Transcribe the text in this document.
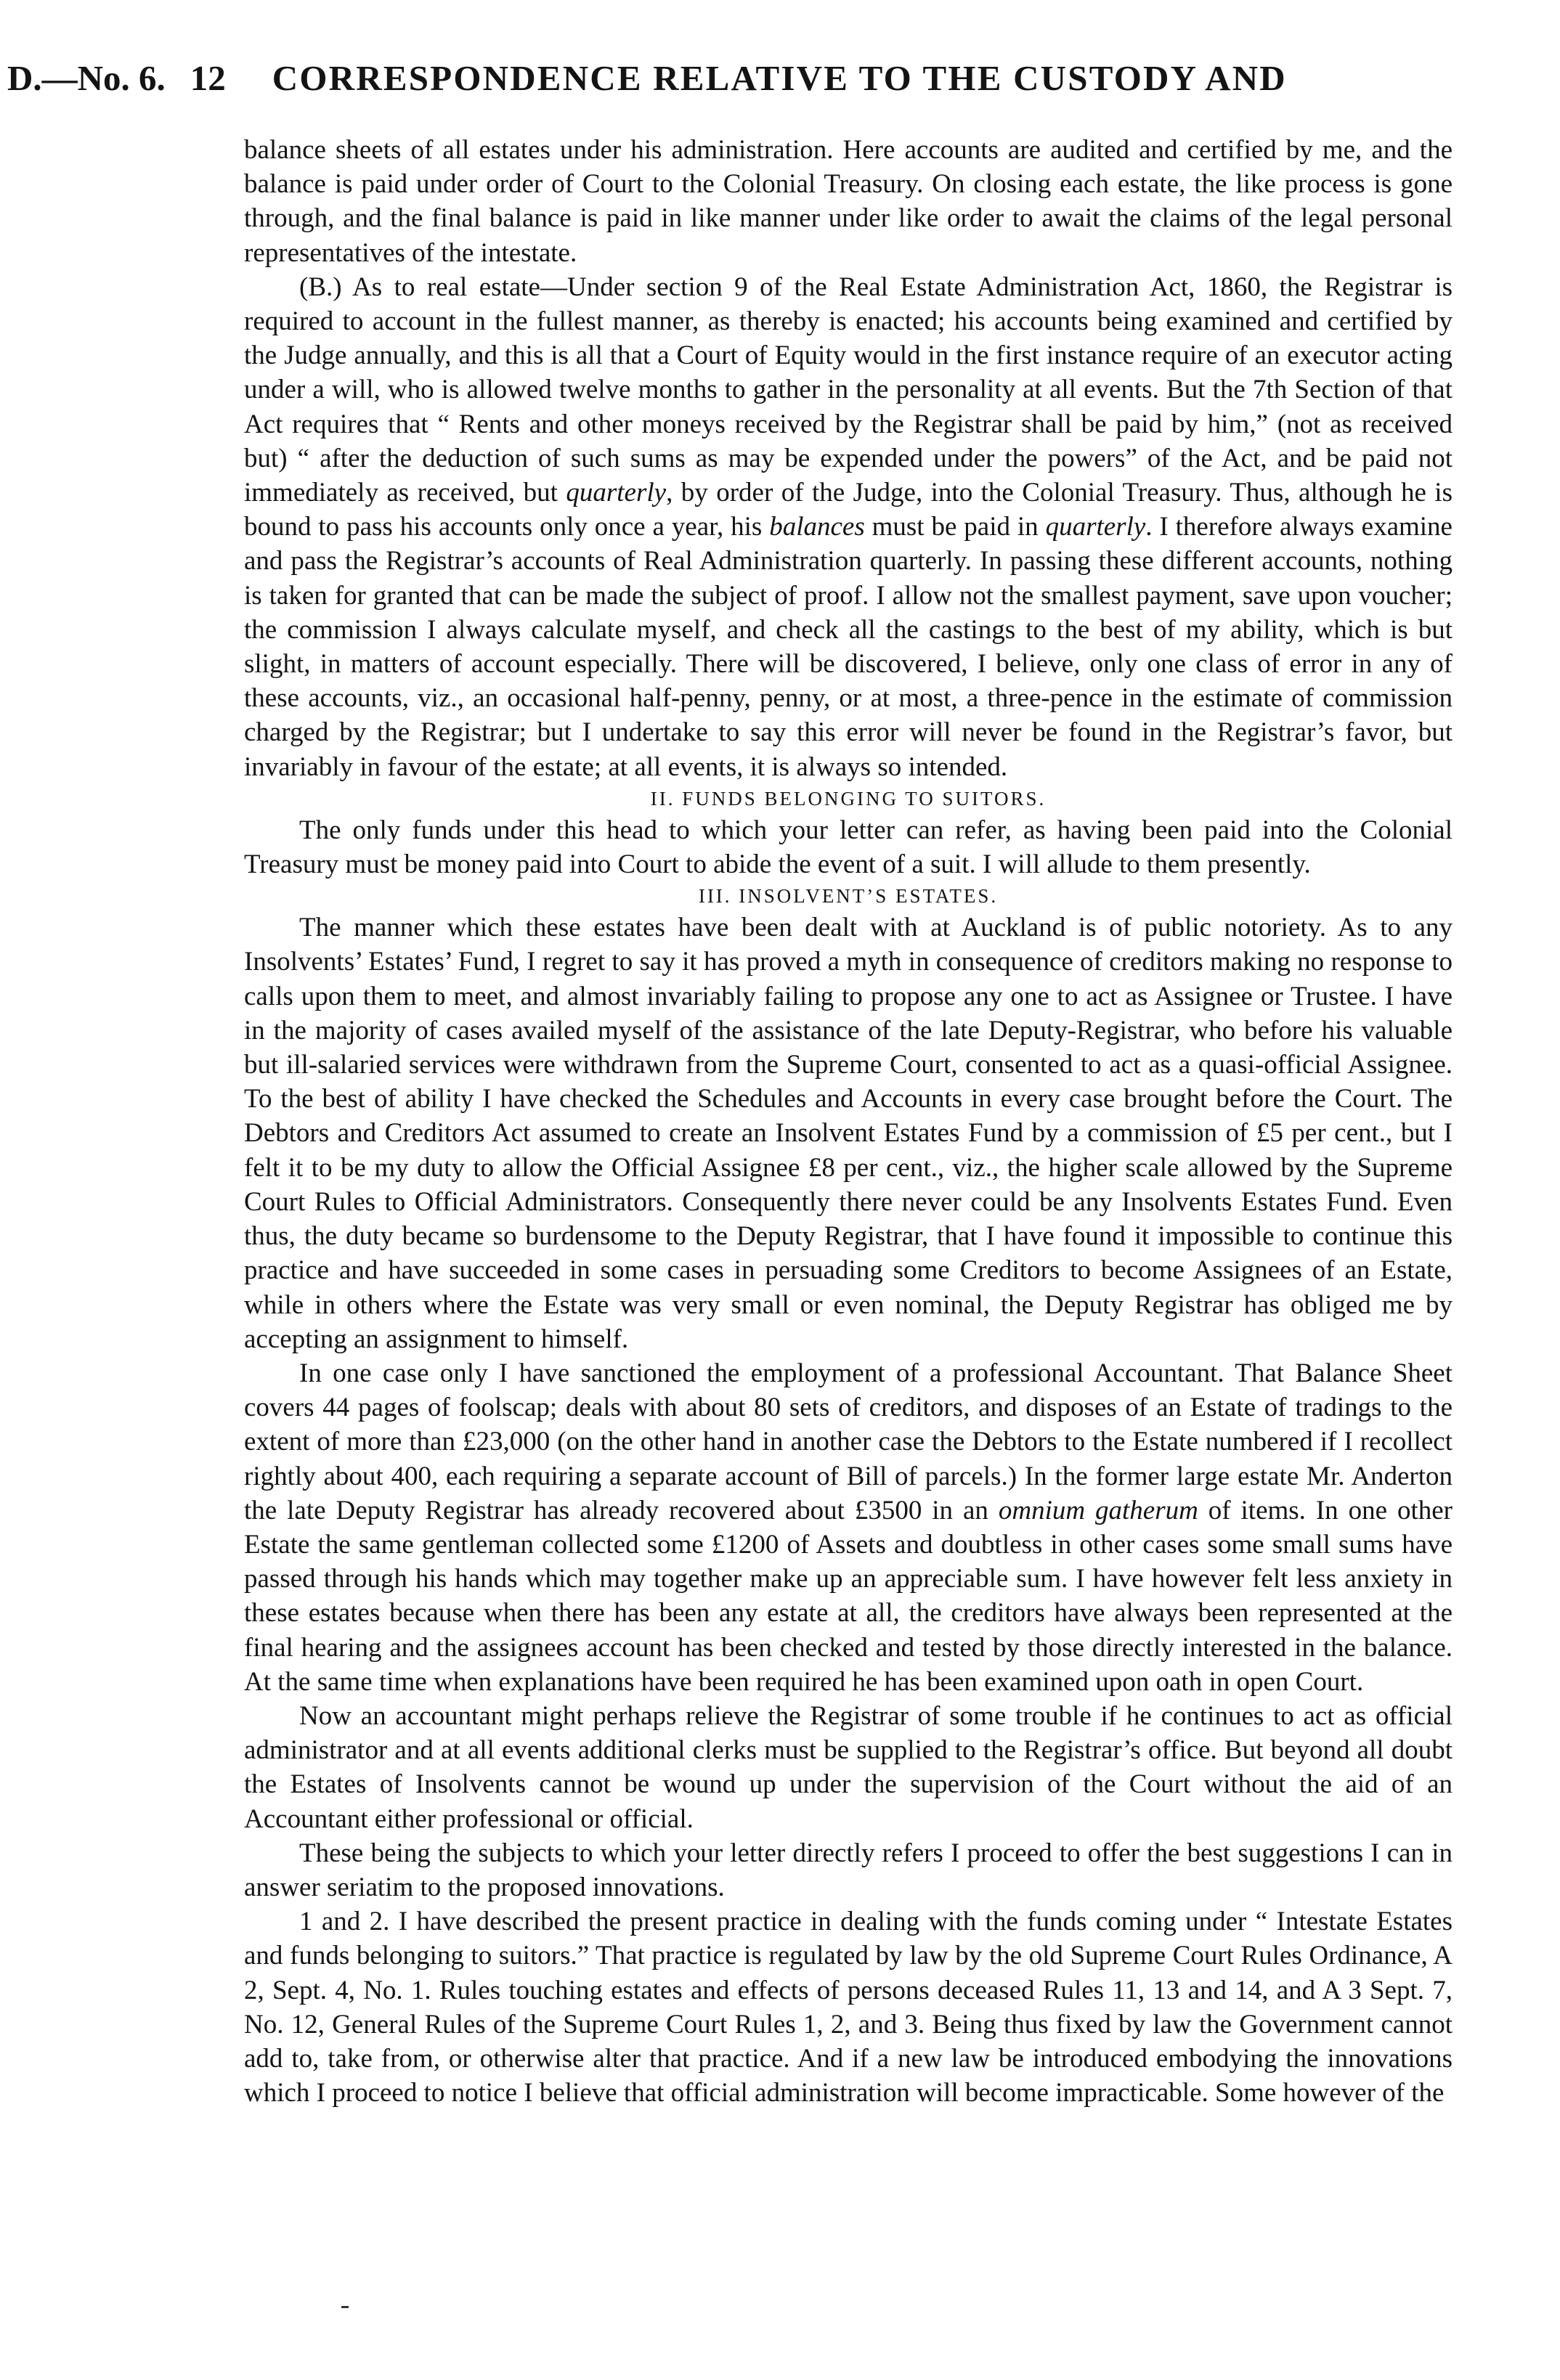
D.—No. 6. 12 CORRESPONDENCE RELATIVE TO THE CUSTODY AND

balance sheets of all estates under his administration. Here accounts are audited and certified by me, and the balance is paid under order of Court to the Colonial Treasury. On closing each estate, the like process is gone through, and the final balance is paid in like manner under like order to await the claims of the legal personal representatives of the intestate.

(B.) As to real estate—Under section 9 of the Real Estate Administration Act, 1860, the Registrar is required to account in the fullest manner, as thereby is enacted; his accounts being examined and certified by the Judge annually, and this is all that a Court of Equity would in the first instance require of an executor acting under a will, who is allowed twelve months to gather in the personality at all events. But the 7th Section of that Act requires that “ Rents and other moneys received by the Registrar shall be paid by him,” (not as received but) “ after the deduction of such sums as may be expended under the powers” of the Act, and be paid not immediately as received, but quarterly, by order of the Judge, into the Colonial Treasury. Thus, although he is bound to pass his accounts only once a year, his balances must be paid in quarterly. I therefore always examine and pass the Registrar’s accounts of Real Administration quarterly. In passing these different accounts, nothing is taken for granted that can be made the subject of proof. I allow not the smallest payment, save upon voucher; the commission I always calculate myself, and check all the castings to the best of my ability, which is but slight, in matters of account especially. There will be discovered, I believe, only one class of error in any of these accounts, viz., an occasional half-penny, penny, or at most, a three-pence in the estimate of commission charged by the Registrar; but I undertake to say this error will never be found in the Registrar’s favor, but invariably in favour of the estate; at all events, it is always so intended.

II. FUNDS BELONGING TO SUITORS.

The only funds under this head to which your letter can refer, as having been paid into the Colonial Treasury must be money paid into Court to abide the event of a suit. I will allude to them presently.

III. INSOLVENT’S ESTATES.

The manner which these estates have been dealt with at Auckland is of public notoriety. As to any Insolvents’ Estates’ Fund, I regret to say it has proved a myth in consequence of creditors making no response to calls upon them to meet, and almost invariably failing to propose any one to act as Assignee or Trustee. I have in the majority of cases availed myself of the assistance of the late Deputy-Registrar, who before his valuable but ill-salaried services were withdrawn from the Supreme Court, consented to act as a quasi-official Assignee. To the best of ability I have checked the Schedules and Accounts in every case brought before the Court. The Debtors and Creditors Act assumed to create an Insolvent Estates Fund by a commission of £5 per cent., but I felt it to be my duty to allow the Official Assignee £8 per cent., viz., the higher scale allowed by the Supreme Court Rules to Official Administrators. Consequently there never could be any Insolvents Estates Fund. Even thus, the duty became so burdensome to the Deputy Registrar, that I have found it impossible to continue this practice and have succeeded in some cases in persuading some Creditors to become Assignees of an Estate, while in others where the Estate was very small or even nominal, the Deputy Registrar has obliged me by accepting an assignment to himself.

In one case only I have sanctioned the employment of a professional Accountant. That Balance Sheet covers 44 pages of foolscap; deals with about 80 sets of creditors, and disposes of an Estate of tradings to the extent of more than £23,000 (on the other hand in another case the Debtors to the Estate numbered if I recollect rightly about 400, each requiring a separate account of Bill of parcels.) In the former large estate Mr. Anderton the late Deputy Registrar has already recovered about £3500 in an omnium gatherum of items. In one other Estate the same gentleman collected some £1200 of Assets and doubtless in other cases some small sums have passed through his hands which may together make up an appreciable sum. I have however felt less anxiety in these estates because when there has been any estate at all, the creditors have always been represented at the final hearing and the assignees account has been checked and tested by those directly interested in the balance. At the same time when explanations have been required he has been examined upon oath in open Court.

Now an accountant might perhaps relieve the Registrar of some trouble if he continues to act as official administrator and at all events additional clerks must be supplied to the Registrar’s office. But beyond all doubt the Estates of Insolvents cannot be wound up under the supervision of the Court without the aid of an Accountant either professional or official.

These being the subjects to which your letter directly refers I proceed to offer the best suggestions I can in answer seriatim to the proposed innovations.

1 and 2. I have described the present practice in dealing with the funds coming under “ Intestate Estates and funds belonging to suitors.” That practice is regulated by law by the old Supreme Court Rules Ordinance, A 2, Sept. 4, No. 1. Rules touching estates and effects of persons deceased Rules 11, 13 and 14, and A 3 Sept. 7, No. 12, General Rules of the Supreme Court Rules 1, 2, and 3. Being thus fixed by law the Government cannot add to, take from, or otherwise alter that practice. And if a new law be introduced embodying the innovations which I proceed to notice I believe that official administration will become impracticable. Some however of the
